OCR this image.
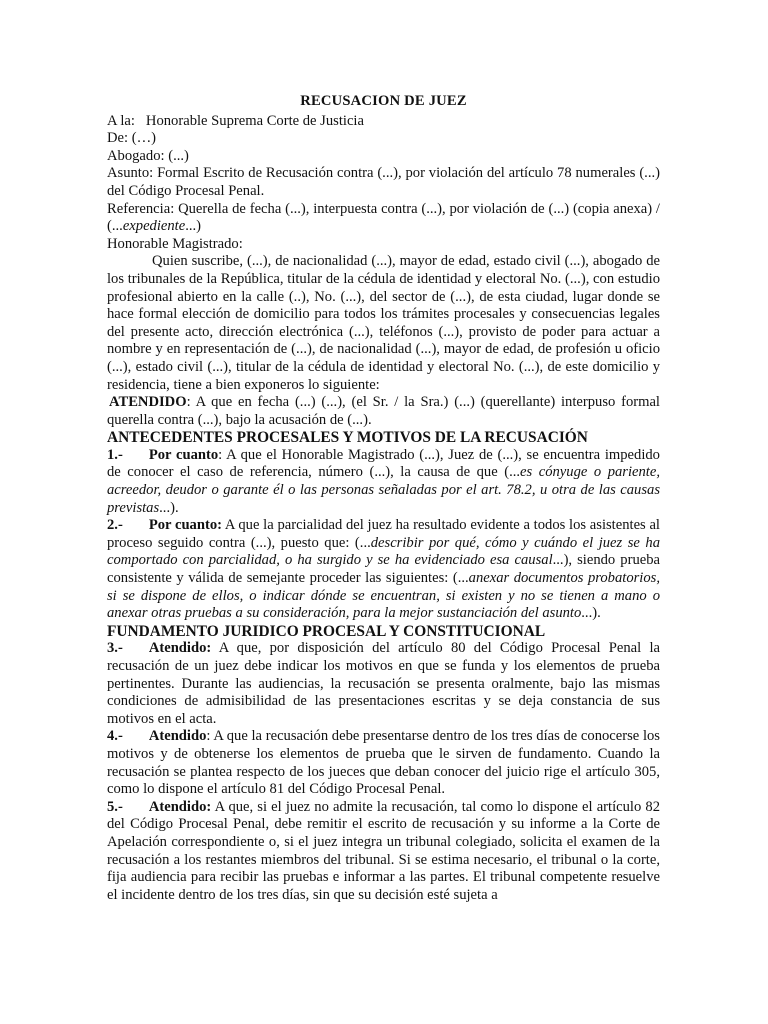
RECUSACION DE JUEZ

A la: Honorable Suprema Corte de Justicia

De: (…)

Abogado: (...)

Asunto: Formal Escrito de Recusación contra (...), por violación del artículo 78 numerales (...) del Código Procesal Penal.

Referencia: Querella de fecha (...), interpuesta contra (...), por violación de (...) (copia anexa) / (...expediente...)

Honorable Magistrado:

Quien suscribe, (...), de nacionalidad (...), mayor de edad, estado civil (...), abogado de los tribunales de la República, titular de la cédula de identidad y electoral No. (...), con estudio profesional abierto en la calle (..), No. (...), del sector de (...), de esta ciudad, lugar donde se hace formal elección de domicilio para todos los trámites procesales y consecuencias legales del presente acto, dirección electrónica (...), teléfonos (...), provisto de poder para actuar a nombre y en representación de (...), de nacionalidad (...), mayor de edad, de profesión u oficio (...), estado civil (...), titular de la cédula de identidad y electoral No. (...), de este domicilio y residencia, tiene a bien exponeros lo siguiente:

ATENDIDO: A que en fecha (...) (...), (el Sr. / la Sra.) (...) (querellante) interpuso formal querella contra (...), bajo la acusación de (...).

ANTECEDENTES PROCESALES Y MOTIVOS DE LA RECUSACIÓN

1.- Por cuanto: A que el Honorable Magistrado (...), Juez de (...), se encuentra impedido de conocer el caso de referencia, número (...), la causa de que (...es cónyuge o pariente, acreedor, deudor o garante él o las personas señaladas por el art. 78.2, u otra de las causas previstas...).

2.- Por cuanto: A que la parcialidad del juez ha resultado evidente a todos los asistentes al proceso seguido contra (...), puesto que: (...describir por qué, cómo y cuándo el juez se ha comportado con parcialidad, o ha surgido y se ha evidenciado esa causal...), siendo prueba consistente y válida de semejante proceder las siguientes: (...anexar documentos probatorios, si se dispone de ellos, o indicar dónde se encuentran, si existen y no se tienen a mano o anexar otras pruebas a su consideración, para la mejor sustanciación del asunto...).

FUNDAMENTO JURIDICO PROCESAL Y CONSTITUCIONAL

3.- Atendido: A que, por disposición del artículo 80 del Código Procesal Penal la recusación de un juez debe indicar los motivos en que se funda y los elementos de prueba pertinentes. Durante las audiencias, la recusación se presenta oralmente, bajo las mismas condiciones de admisibilidad de las presentaciones escritas y se deja constancia de sus motivos en el acta.

4.- Atendido: A que la recusación debe presentarse dentro de los tres días de conocerse los motivos y de obtenerse los elementos de prueba que le sirven de fundamento. Cuando la recusación se plantea respecto de los jueces que deban conocer del juicio rige el artículo 305, como lo dispone el artículo 81 del Código Procesal Penal.

5.- Atendido: A que, si el juez no admite la recusación, tal como lo dispone el artículo 82 del Código Procesal Penal, debe remitir el escrito de recusación y su informe a la Corte de Apelación correspondiente o, si el juez integra un tribunal colegiado, solicita el examen de la recusación a los restantes miembros del tribunal. Si se estima necesario, el tribunal o la corte, fija audiencia para recibir las pruebas e informar a las partes. El tribunal competente resuelve el incidente dentro de los tres días, sin que su decisión esté sujeta a
